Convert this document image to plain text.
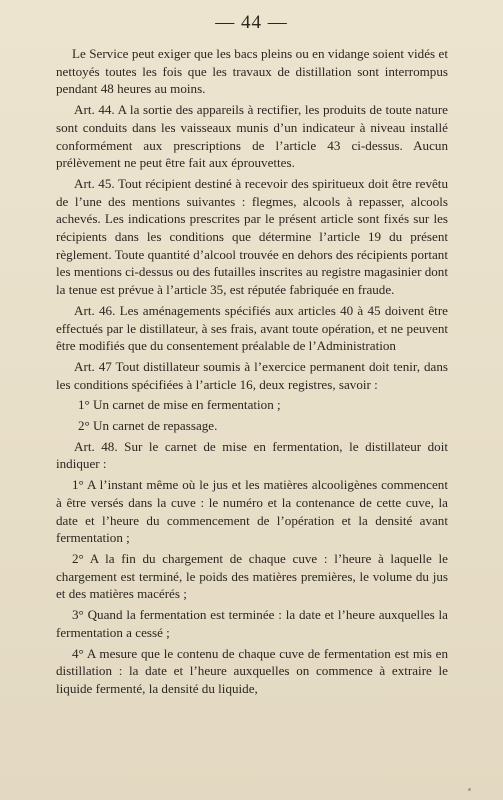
— 44 —

Le Service peut exiger que les bacs pleins ou en vidange soient vidés et nettoyés toutes les fois que les travaux de distillation sont interrompus pendant 48 heures au moins.

Art. 44. A la sortie des appareils à rectifier, les produits de toute nature sont conduits dans les vaisseaux munis d’un indicateur à niveau installé conformément aux prescriptions de l’article 43 ci-dessus. Aucun prélèvement ne peut être fait aux éprouvettes.

Art. 45. Tout récipient destiné à recevoir des spiritueux doit être revêtu de l’une des mentions suivantes : flegmes, alcools à repasser, alcools achevés. Les indications prescrites par le présent article sont fixés sur les récipients dans les conditions que détermine l’article 19 du présent règlement. Toute quantité d’alcool trouvée en dehors des récipients portant les mentions ci-dessus ou des futailles inscrites au registre magasinier dont la tenue est prévue à l’article 35, est réputée fabriquée en fraude.

Art. 46. Les aménagements spécifiés aux articles 40 à 45 doivent être effectués par le distillateur, à ses frais, avant toute opération, et ne peuvent être modifiés que du consentement préalable de l’Administration

Art. 47 Tout distillateur soumis à l’exercice permanent doit tenir, dans les conditions spécifiées à l’article 16, deux registres, savoir :

1° Un carnet de mise en fermentation ;

2° Un carnet de repassage.

Art. 48. Sur le carnet de mise en fermentation, le distillateur doit indiquer :

1° A l’instant même où le jus et les matières alcooligènes commencent à être versés dans la cuve : le numéro et la contenance de cette cuve, la date et l’heure du commencement de l’opération et la densité avant fermentation ;

2° A la fin du chargement de chaque cuve : l’heure à laquelle le chargement est terminé, le poids des matières premières, le volume du jus et des matières macérés ;

3° Quand la fermentation est terminée : la date et l’heure auxquelles la fermentation a cessé ;

4° A mesure que le contenu de chaque cuve de fermentation est mis en distillation : la date et l’heure auxquelles on commence à extraire le liquide fermenté, la densité du liquide,
